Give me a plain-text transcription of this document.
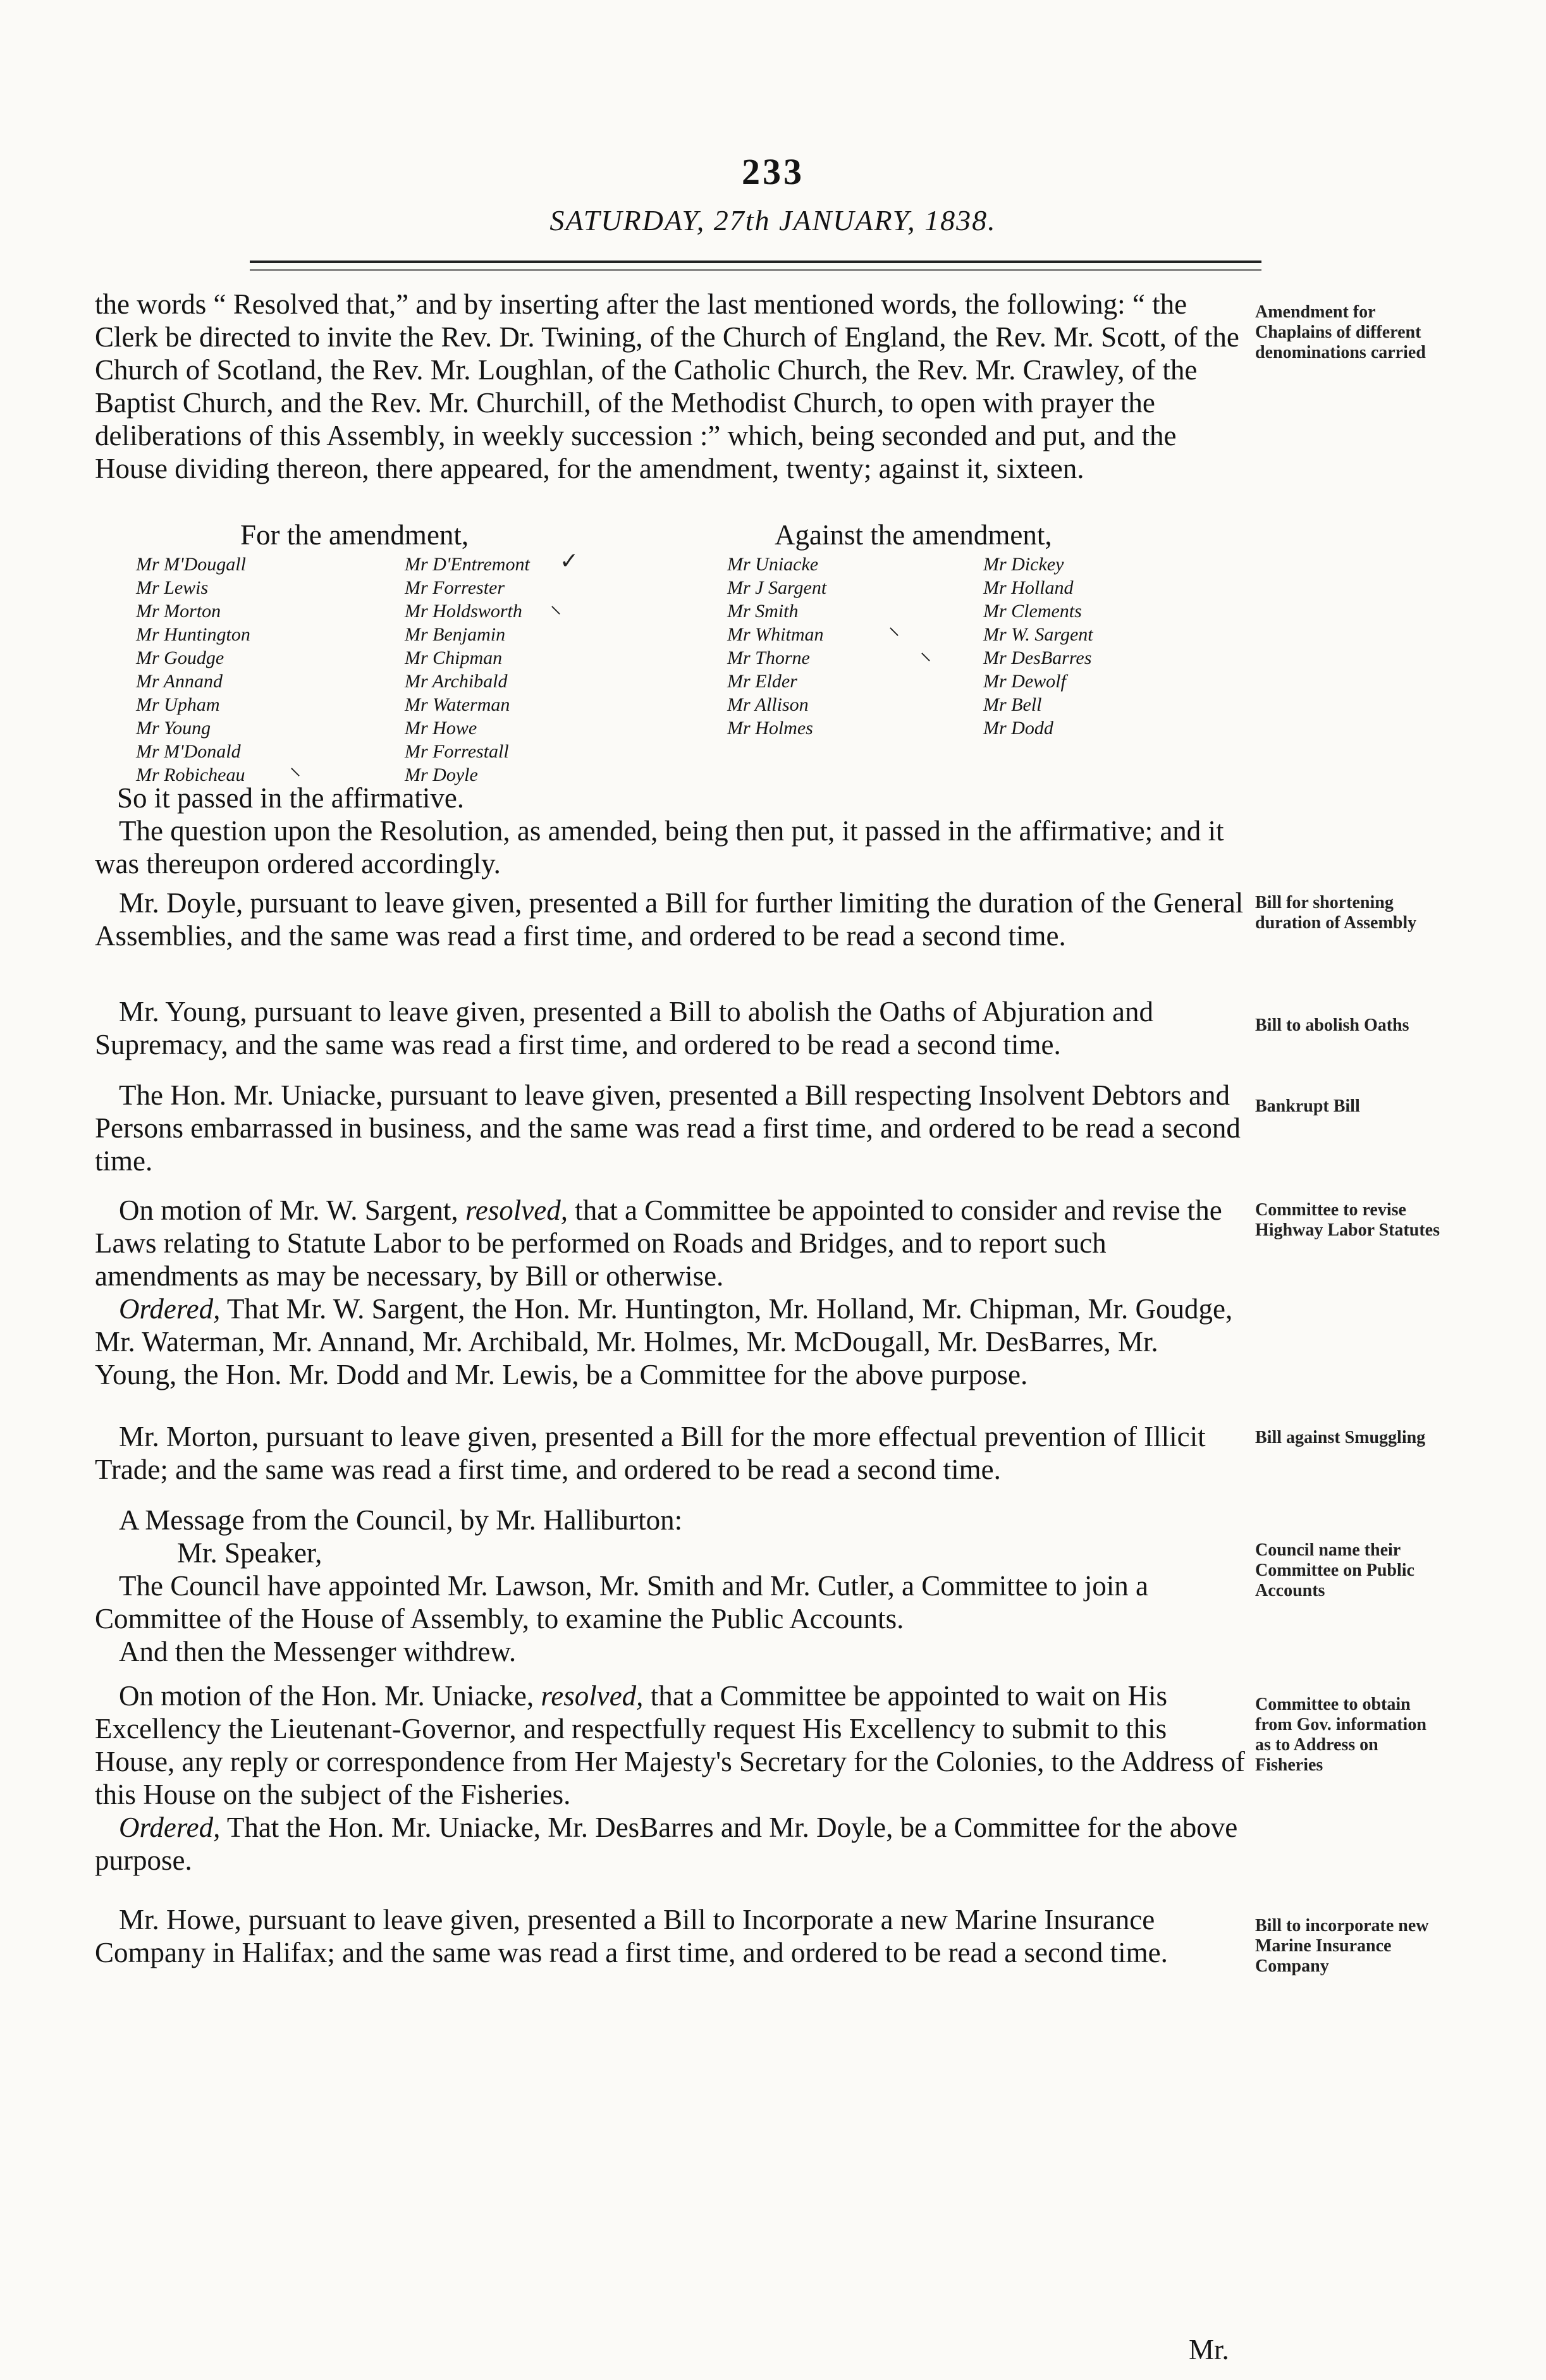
233
SATURDAY, 27th JANUARY, 1838.

the words “ Resolved that,” and by inserting after the last mentioned words, the following: “ the Clerk be directed to invite the Rev. Dr. Twining, of the Church of England, the Rev. Mr. Scott, of the Church of Scotland, the Rev. Mr. Loughlan, of the Catholic Church, the Rev. Mr. Crawley, of the Baptist Church, and the Rev. Mr. Churchill, of the Methodist Church, to open with prayer the deliberations of this Assembly, in weekly succession :” which, being seconded and put, and the House dividing thereon, there appeared, for the amendment, twenty; against it, sixteen.

Amendment for Chaplains of different denominations carried
For the amendment,	Against the amendment,
Mr M'Dougall
Mr Lewis
Mr Morton
Mr Huntington
Mr Goudge
Mr Annand
Mr Upham
Mr Young
Mr M'Donald
Mr Robicheau
Mr D'Entremont
Mr Forrester
Mr Holdsworth
Mr Benjamin
Mr Chipman
Mr Archibald
Mr Waterman
Mr Howe
Mr Forrestall
Mr Doyle
Mr Uniacke
Mr J Sargent
Mr Smith
Mr Whitman
Mr Thorne
Mr Elder
Mr Allison
Mr Holmes
Mr Dickey
Mr Holland
Mr Clements
Mr W. Sargent
Mr DesBarres
Mr Dewolf
Mr Bell
Mr Dodd
✓
⸌
⸌
⸌
⸌

So it passed in the affirmative.

The question upon the Resolution, as amended, being then put, it passed in the affirmative; and it was thereupon ordered accordingly.

Mr. Doyle, pursuant to leave given, presented a Bill for further limiting the duration of the General Assemblies, and the same was read a first time, and ordered to be read a second time.

Bill for shortening duration of Assembly

Mr. Young, pursuant to leave given, presented a Bill to abolish the Oaths of Abjuration and Supremacy, and the same was read a first time, and ordered to be read a second time.

Bill to abolish Oaths

The Hon. Mr. Uniacke, pursuant to leave given, presented a Bill respecting Insolvent Debtors and Persons embarrassed in business, and the same was read a first time, and ordered to be read a second time.

Bankrupt Bill

On motion of Mr. W. Sargent, resolved, that a Committee be appointed to consider and revise the Laws relating to Statute Labor to be performed on Roads and Bridges, and to report such amendments as may be necessary, by Bill or otherwise.

Ordered, That Mr. W. Sargent, the Hon. Mr. Huntington, Mr. Holland, Mr. Chipman, Mr. Goudge, Mr. Waterman, Mr. Annand, Mr. Archibald, Mr. Holmes, Mr. McDougall, Mr. DesBarres, Mr. Young, the Hon. Mr. Dodd and Mr. Lewis, be a Committee for the above purpose.

Committee to revise Highway Labor Statutes

Mr. Morton, pursuant to leave given, presented a Bill for the more effectual prevention of Illicit Trade; and the same was read a first time, and ordered to be read a second time.

Bill against Smuggling

A Message from the Council, by Mr. Halliburton:

Mr. Speaker,

The Council have appointed Mr. Lawson, Mr. Smith and Mr. Cutler, a Committee to join a Committee of the House of Assembly, to examine the Public Accounts.

And then the Messenger withdrew.

Council name their Committee on Public Accounts

On motion of the Hon. Mr. Uniacke, resolved, that a Committee be appointed to wait on His Excellency the Lieutenant-Governor, and respectfully request His Excellency to submit to this House, any reply or correspondence from Her Majesty's Secretary for the Colonies, to the Address of this House on the subject of the Fisheries.

Ordered, That the Hon. Mr. Uniacke, Mr. DesBarres and Mr. Doyle, be a Committee for the above purpose.

Committee to obtain from Gov. information as to Address on Fisheries

Mr. Howe, pursuant to leave given, presented a Bill to Incorporate a new Marine Insurance Company in Halifax; and the same was read a first time, and ordered to be read a second time.

Bill to incorporate new Marine Insurance Company
Mr.
